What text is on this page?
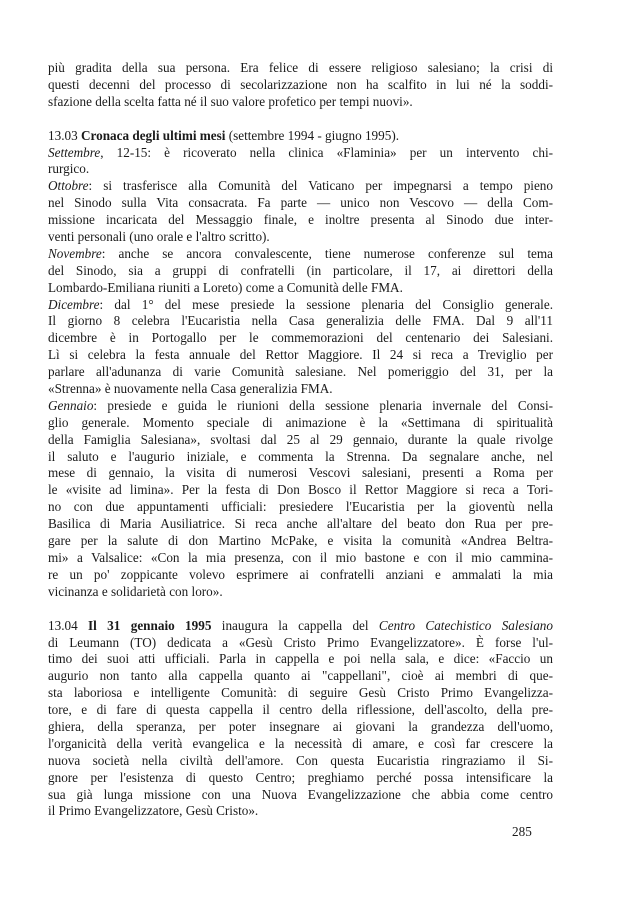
più gradita della sua persona. Era felice di essere religioso salesiano; la crisi di
questi decenni del processo di secolarizzazione non ha scalfito in lui né la soddi-
sfazione della scelta fatta né il suo valore profetico per tempi nuovi».
13.03 Cronaca degli ultimi mesi (settembre 1994 - giugno 1995).
Settembre, 12-15: è ricoverato nella clinica «Flaminia» per un intervento chi-
rurgico.
Ottobre: si trasferisce alla Comunità del Vaticano per impegnarsi a tempo pieno
nel Sinodo sulla Vita consacrata. Fa parte — unico non Vescovo — della Com-
missione incaricata del Messaggio finale, e inoltre presenta al Sinodo due inter-
venti personali (uno orale e l'altro scritto).
Novembre: anche se ancora convalescente, tiene numerose conferenze sul tema
del Sinodo, sia a gruppi di confratelli (in particolare, il 17, ai direttori della
Lombardo-Emiliana riuniti a Loreto) come a Comunità delle FMA.
Dicembre: dal 1° del mese presiede la sessione plenaria del Consiglio generale.
Il giorno 8 celebra l'Eucaristia nella Casa generalizia delle FMA. Dal 9 all'11
dicembre è in Portogallo per le commemorazioni del centenario dei Salesiani.
Lì si celebra la festa annuale del Rettor Maggiore. Il 24 si reca a Treviglio per
parlare all'adunanza di varie Comunità salesiane. Nel pomeriggio del 31, per la
«Strenna» è nuovamente nella Casa generalizia FMA.
Gennaio: presiede e guida le riunioni della sessione plenaria invernale del Consi-
glio generale. Momento speciale di animazione è la «Settimana di spiritualità
della Famiglia Salesiana», svoltasi dal 25 al 29 gennaio, durante la quale rivolge
il saluto e l'augurio iniziale, e commenta la Strenna. Da segnalare anche, nel
mese di gennaio, la visita di numerosi Vescovi salesiani, presenti a Roma per
le «visite ad limina». Per la festa di Don Bosco il Rettor Maggiore si reca a Tori-
no con due appuntamenti ufficiali: presiedere l'Eucaristia per la gioventù nella
Basilica di Maria Ausiliatrice. Si reca anche all'altare del beato don Rua per pre-
gare per la salute di don Martino McPake, e visita la comunità «Andrea Beltra-
mi» a Valsalice: «Con la mia presenza, con il mio bastone e con il mio cammina-
re un po' zoppicante volevo esprimere ai confratelli anziani e ammalati la mia
vicinanza e solidarietà con loro».
13.04 Il 31 gennaio 1995 inaugura la cappella del Centro Catechistico Salesiano
di Leumann (TO) dedicata a «Gesù Cristo Primo Evangelizzatore». È forse l'ul-
timo dei suoi atti ufficiali. Parla in cappella e poi nella sala, e dice: «Faccio un
augurio non tanto alla cappella quanto ai "cappellani", cioè ai membri di que-
sta laboriosa e intelligente Comunità: di seguire Gesù Cristo Primo Evangelizza-
tore, e di fare di questa cappella il centro della riflessione, dell'ascolto, della pre-
ghiera, della speranza, per poter insegnare ai giovani la grandezza dell'uomo,
l'organicità della verità evangelica e la necessità di amare, e così far crescere la
nuova società nella civiltà dell'amore. Con questa Eucaristia ringraziamo il Si-
gnore per l'esistenza di questo Centro; preghiamo perché possa intensificare la
sua già lunga missione con una Nuova Evangelizzazione che abbia come centro
il Primo Evangelizzatore, Gesù Cristo».
285
